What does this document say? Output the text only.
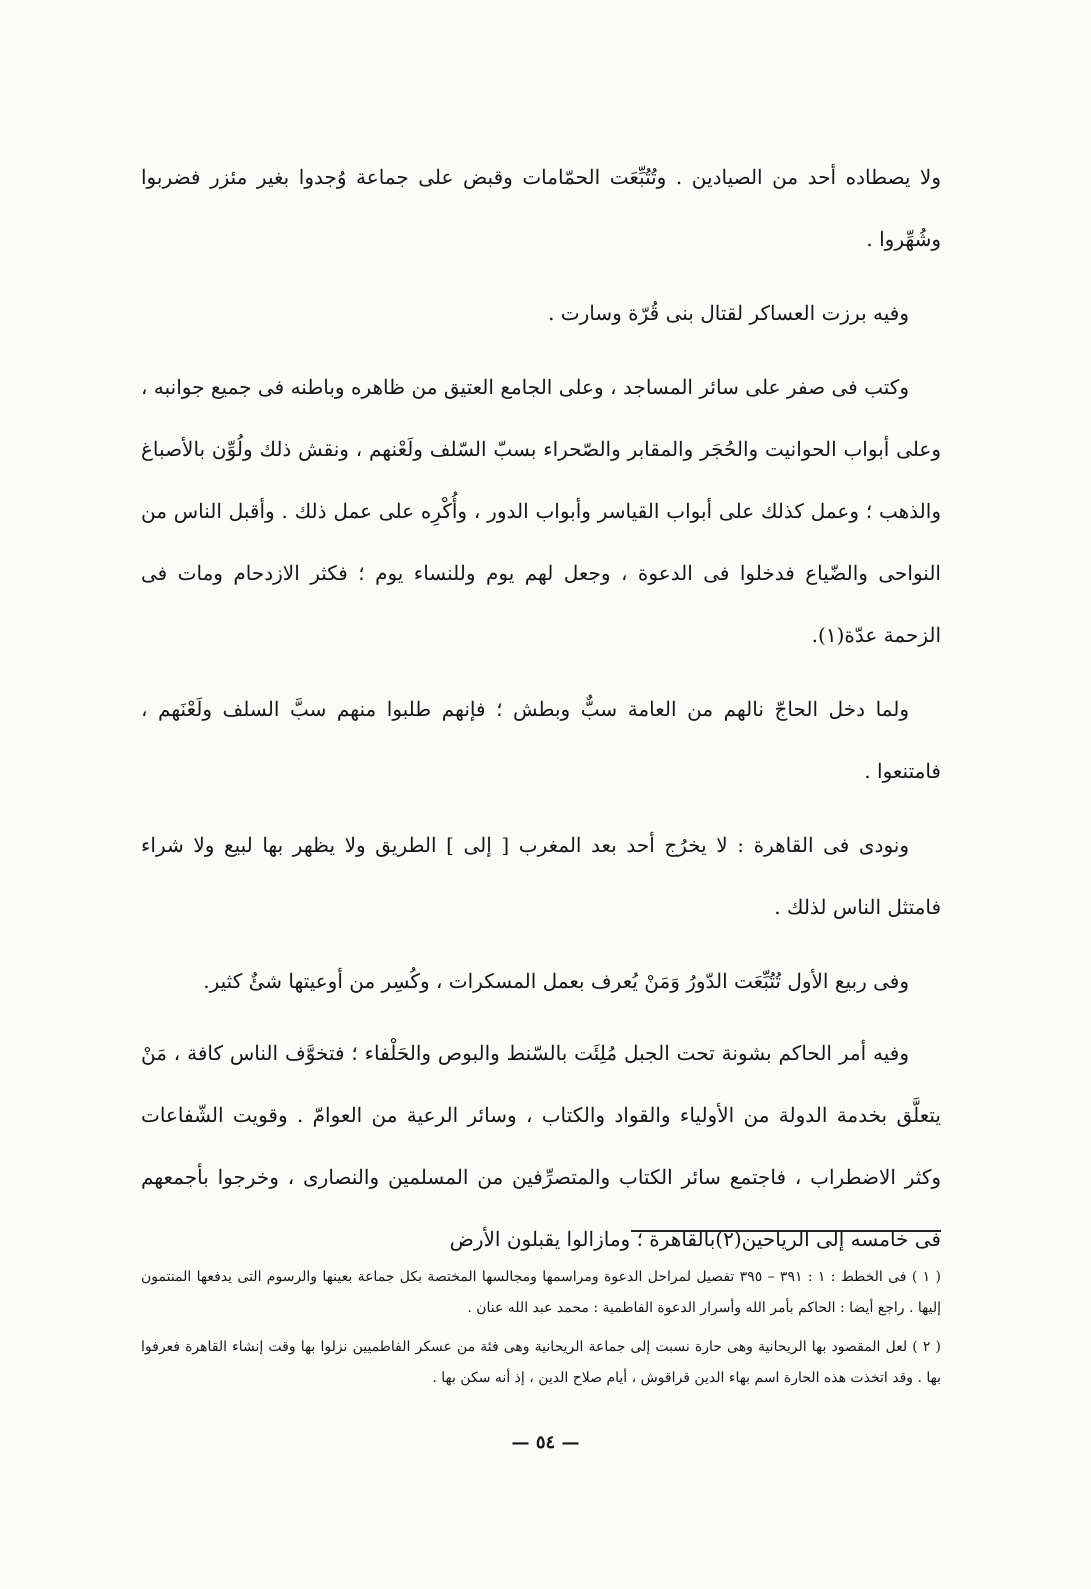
ولا يصطاده أحد من الصيادين . وتُتُبِّعَت الحمّامات وقبض على جماعة وُجدوا بغير مئزر فضربوا وشُهِّروا .

وفيه برزت العساكر لقتال بنى قُرّة وسارت .

وكتب فى صفر على سائر المساجد ، وعلى الجامع العتيق من ظاهره وباطنه فى جميع جوانبه ، وعلى أبواب الحوانيت والحُجَر والمقابر والصّحراء بسبّ السّلف ولَعْنهم ، ونقش ذلك ولُوِّن بالأصباغ والذهب ؛ وعمل كذلك على أبواب القياسر وأبواب الدور ، وأُكْرِه على عمل ذلك . وأقبل الناس من النواحى والضّياع فدخلوا فى الدعوة ، وجعل لهم يوم وللنساء يوم ؛ فكثر الازدحام ومات فى الزحمة عدّة(١).

ولما دخل الحاجّ نالهم من العامة سبٌّ وبطش ؛ فإنهم طلبوا منهم سبَّ السلف ولَعْنَهم ، فامتنعوا .

ونودى فى القاهرة : لا يخرُج أحد بعد المغرب [ إلى ] الطريق ولا يظهر بها لبيع ولا شراء فامتثل الناس لذلك .

وفى ربيع الأول تُتُبِّعَت الدّورُ وَمَنْ يُعرف بعمل المسكرات ، وكُسِر من أوعيتها شئٌ كثير.

وفيه أمر الحاكم بشونة تحت الجبل مُلِئَت بالسّنط والبوص والحَلْفاء ؛ فتخوَّف الناس كافة ، مَنْ يتعلَّق بخدمة الدولة من الأولياء والقواد والكتاب ، وسائر الرعية من العوامّ . وقويت الشّفاعات وكثر الاضطراب ، فاجتمع سائر الكتاب والمتصرِّفين من المسلمين والنصارى ، وخرجوا بأجمعهم فى خامسه إلى الرياحين(٢)بالقاهرة ؛ ومازالوا يقبلون الأرض

( ١ ) فى الخطط : ١ : ٣٩١ – ٣٩٥ تفصيل لمراحل الدعوة ومراسمها ومجالسها المختصة بكل جماعة بعينها والرسوم التى يدفعها المنتمون إليها . راجع أيضا : الحاكم بأمر الله وأسرار الدعوة الفاطمية : محمد عبد الله عنان .

( ٢ ) لعل المقصود بها الريحانية وهى حارة نسبت إلى جماعة الريحانية وهى فئة من عسكر الفاطميين نزلوا بها وقت إنشاء القاهرة فعرفوا بها . وقد اتخذت هذه الحارة اسم بهاء الدين قراقوش ، أيام صلاح الدين ، إذ أنه سكن بها .

— ٥٤ —
